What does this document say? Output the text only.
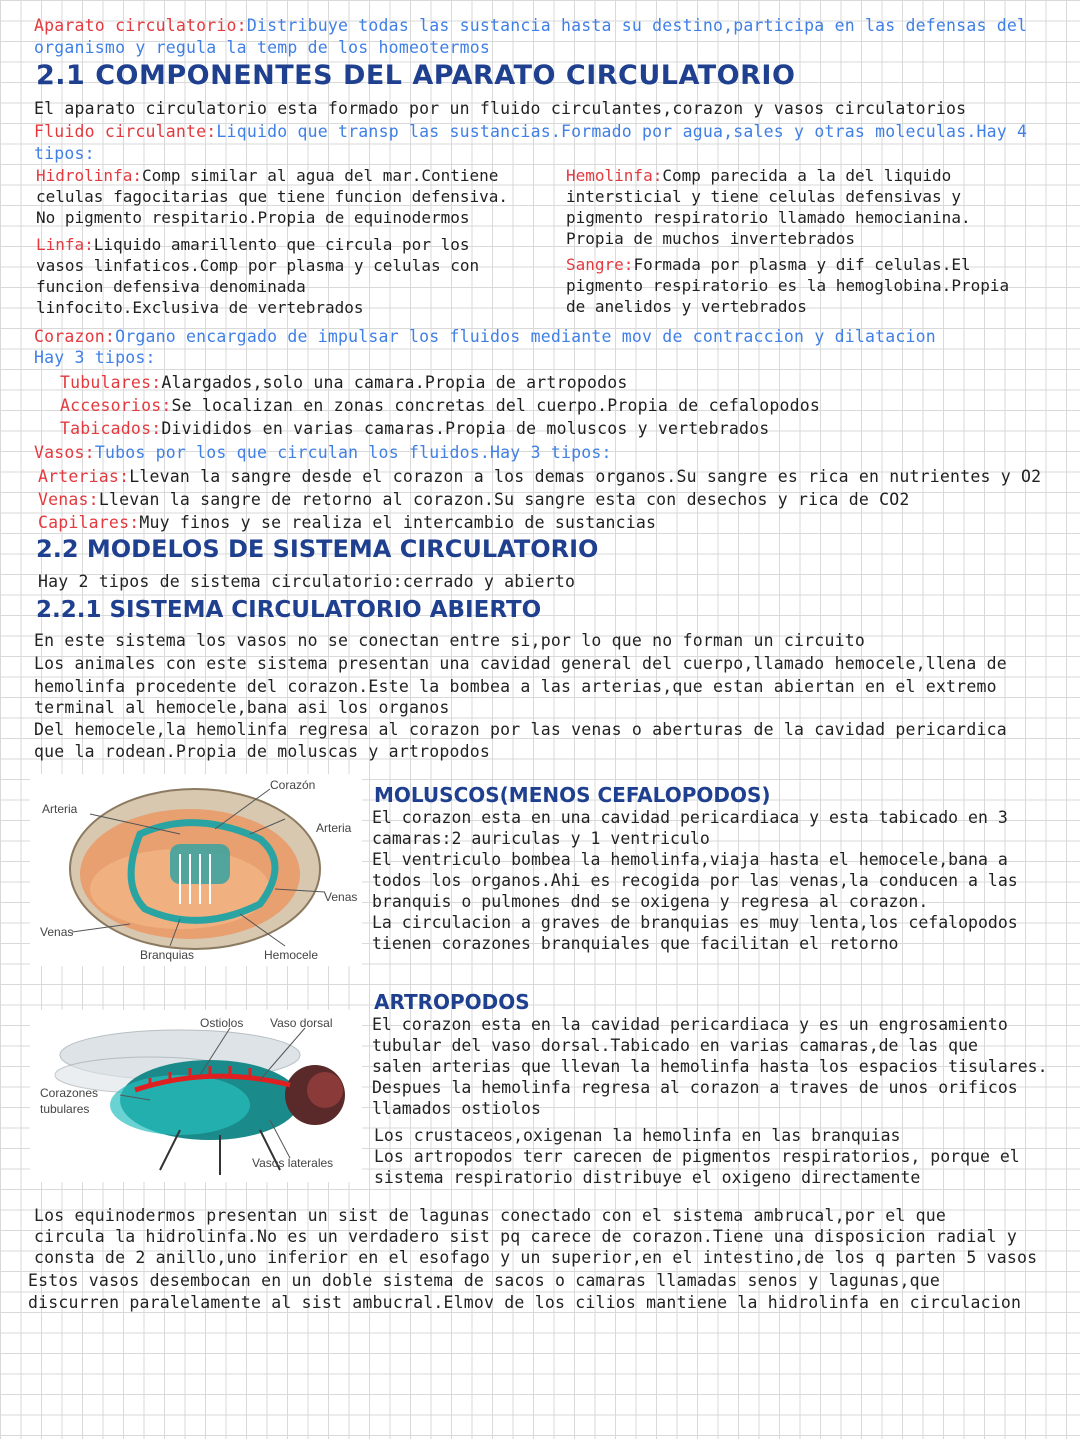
Aparato circulatorio:Distribuye todas las sustancia hasta su destino,participa en las defensas del
organismo y regula la temp de los homeotermos
2.1 COMPONENTES DEL APARATO CIRCULATORIO
El aparato circulatorio esta formado por un fluido circulantes,corazon y vasos circulatorios
Fluido circulante:Liquido que transp las sustancias.Formado por agua,sales y otras moleculas.Hay 4
tipos:
Hidrolinfa:Comp similar al agua del mar.Contiene
celulas fagocitarias que tiene funcion defensiva.
No pigmento respitario.Propia de equinodermos
Linfa:Liquido amarillento que circula por los
vasos linfaticos.Comp por plasma y celulas con
funcion defensiva denominada
linfocito.Exclusiva de vertebrados
Hemolinfa:Comp parecida a la del liquido
intersticial y tiene celulas defensivas y
pigmento respiratorio llamado hemocianina.
Propia de muchos invertebrados
Sangre:Formada por plasma y dif celulas.El
pigmento respiratorio es la hemoglobina.Propia
de anelidos y vertebrados
Corazon:Organo encargado de impulsar los fluidos mediante mov de contraccion y dilatacion
Hay 3 tipos:
Tubulares:Alargados,solo una camara.Propia de artropodos
Accesorios:Se localizan en zonas concretas del cuerpo.Propia de cefalopodos
Tabicados:Divididos en varias camaras.Propia de moluscos y vertebrados
Vasos:Tubos por los que circulan los fluidos.Hay 3 tipos:
Arterias:Llevan la sangre desde el corazon a los demas organos.Su sangre es rica en nutrientes y O2
Venas:Llevan la sangre de retorno al corazon.Su sangre esta con desechos y rica de CO2
Capilares:Muy finos y se realiza el intercambio de sustancias
2.2 MODELOS DE SISTEMA CIRCULATORIO
Hay 2 tipos de sistema circulatorio:cerrado y abierto
2.2.1 SISTEMA CIRCULATORIO ABIERTO
En este sistema los vasos no se conectan entre si,por lo que no forman un circuito
Los animales con este sistema presentan una cavidad general del cuerpo,llamado hemocele,llena de
hemolinfa procedente del corazon.Este la bombea a las arterias,que estan abiertan en el extremo
terminal al hemocele,bana asi los organos
Del hemocele,la hemolinfa regresa al corazon por las venas o aberturas de la cavidad pericardica
que la rodean.Propia de moluscas y artropodos
Corazón
Arteria
Arteria
Venas
Venas
Branquias	Hemocele
MOLUSCOS(MENOS CEFALOPODOS)
El corazon esta en una cavidad pericardiaca y esta tabicado en 3
camaras:2 auriculas y 1 ventriculo
El ventriculo bombea la hemolinfa,viaja hasta el hemocele,bana a
todos los organos.Ahi es recogida por las venas,la conducen a las
branquis o pulmones dnd se oxigena y regresa al corazon.
La circulacion a graves de branquias es muy lenta,los cefalopodos
tienen corazones branquiales que facilitan el retorno
Ostiolos Vaso dorsal
Corazones
tubulares
Vasos laterales
ARTROPODOS
El corazon esta en la cavidad pericardiaca y es un engrosamiento
tubular del vaso dorsal.Tabicado en varias camaras,de las que
salen arterias que llevan la hemolinfa hasta los espacios tisulares.
Despues la hemolinfa regresa al corazon a traves de unos orificos
llamados ostiolos
Los crustaceos,oxigenan la hemolinfa en las branquias
Los artropodos terr carecen de pigmentos respiratorios, porque el
sistema respiratorio distribuye el oxigeno directamente
Los equinodermos presentan un sist de lagunas conectado con el sistema ambrucal,por el que
circula la hidrolinfa.No es un verdadero sist pq carece de corazon.Tiene una disposicion radial y
consta de 2 anillo,uno inferior en el esofago y un superior,en el intestino,de los q parten 5 vasos
Estos vasos desembocan en un doble sistema de sacos o camaras llamadas senos y lagunas,que
discurren paralelamente al sist ambucral.Elmov de los cilios mantiene la hidrolinfa en circulacion
